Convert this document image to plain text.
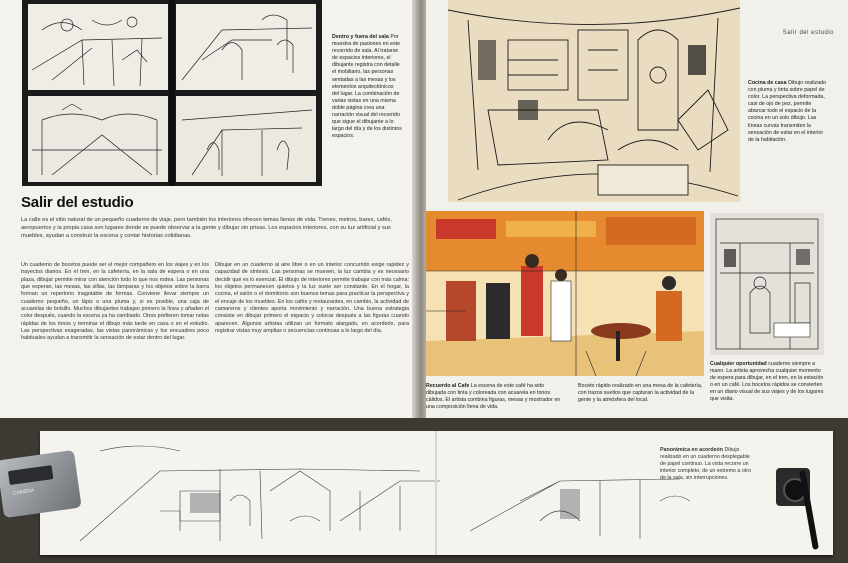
Dentro y fuera del sala Por muestra de pasiones en este recorrido de sala. Al tratarse de espacios interiores, el dibujante registra con detalle el mobiliario, las personas sentadas a las mesas y los elementos arquitectónicos del lugar. La combinación de varias vistas en una misma doble página crea una narración visual del recorrido que sigue el dibujante a lo largo del día y de los distintos espacios.
Salir del estudio
La calle es el sitio natural de un pequeño cuaderno de viaje, pero también los interiores ofrecen temas llenos de vida. Trenes, metros, bares, cafés, aeropuertos y la propia casa son lugares donde se puede observar a la gente y dibujar sin prisas. Los espacios interiores, con su luz artificial y sus muebles, ayudan a construir la escena y contar historias cotidianas.
Un cuaderno de bocetos puede ser el mejor compañero en los viajes y en los trayectos diarios. En el tren, en la cafetería, en la sala de espera o en una plaza, dibujar permite mirar con atención todo lo que nos rodea. Las personas que esperan, las mesas, las sillas, las lámparas y los objetos sobre la barra forman un repertorio inagotable de formas. Conviene llevar siempre un cuaderno pequeño, un lápiz o una pluma y, si es posible, una caja de acuarelas de bolsillo. Muchos dibujantes trabajan primero la línea y añaden el color después, cuando la escena ya ha cambiado. Otros prefieren tomar notas rápidas de los tonos y terminar el dibujo más tarde en casa o en el estudio. Las perspectivas exageradas, las vistas panorámicas y los encuadres poco habituales ayudan a transmitir la sensación de estar dentro del lugar.
Dibujar en un cuaderno al aire libre o en un interior concurrido exige rapidez y capacidad de síntesis. Las personas se mueven, la luz cambia y es necesario decidir qué es lo esencial. El dibujo de interiores permite trabajar con más calma: los objetos permanecen quietos y la luz suele ser constante. En el hogar, la cocina, el salón o el dormitorio son buenos temas para practicar la perspectiva y el encaje de los muebles. En los cafés y restaurantes, en cambio, la actividad de camareros y clientes aporta movimiento y narración. Una buena estrategia consiste en dibujar primero el espacio y colocar después a las figuras cuando aparecen. Algunos artistas utilizan un formato alargado, en acordeón, para registrar vistas muy amplias o secuencias continuas a lo largo del día.
Salir del estudio
Cocina de casa Dibujo realizado con pluma y tinta sobre papel de color. La perspectiva deformada, casi de ojo de pez, permite abarcar todo el espacio de la cocina en un solo dibujo. Las líneas curvas transmiten la sensación de estar en el interior de la habitación.
Recuerdo al Cafe La escena de este café ha sido dibujada con tinta y coloreada con acuarela en tonos cálidos. El artista combina figuras, mesas y mostrador en una composición llena de vida.
Boceto rápido realizado en una mesa de la cafetería, con trazos sueltos que capturan la actividad de la gente y la atmósfera del local.
Cualquier oportunidad cuaderno siempre a mano. La artista aprovecha cualquier momento de espera para dibujar, en el tren, en la estación o en un café. Los bocetos rápidos se convierten en un diario visual de sus viajes y de los lugares que visita.
Panorámica en acordeón Dibujo realizado en un cuaderno desplegable de papel continuo. La vista recorre un interior completo, de un extremo a otro de la sala, sin interrupciones.
CAMERA
